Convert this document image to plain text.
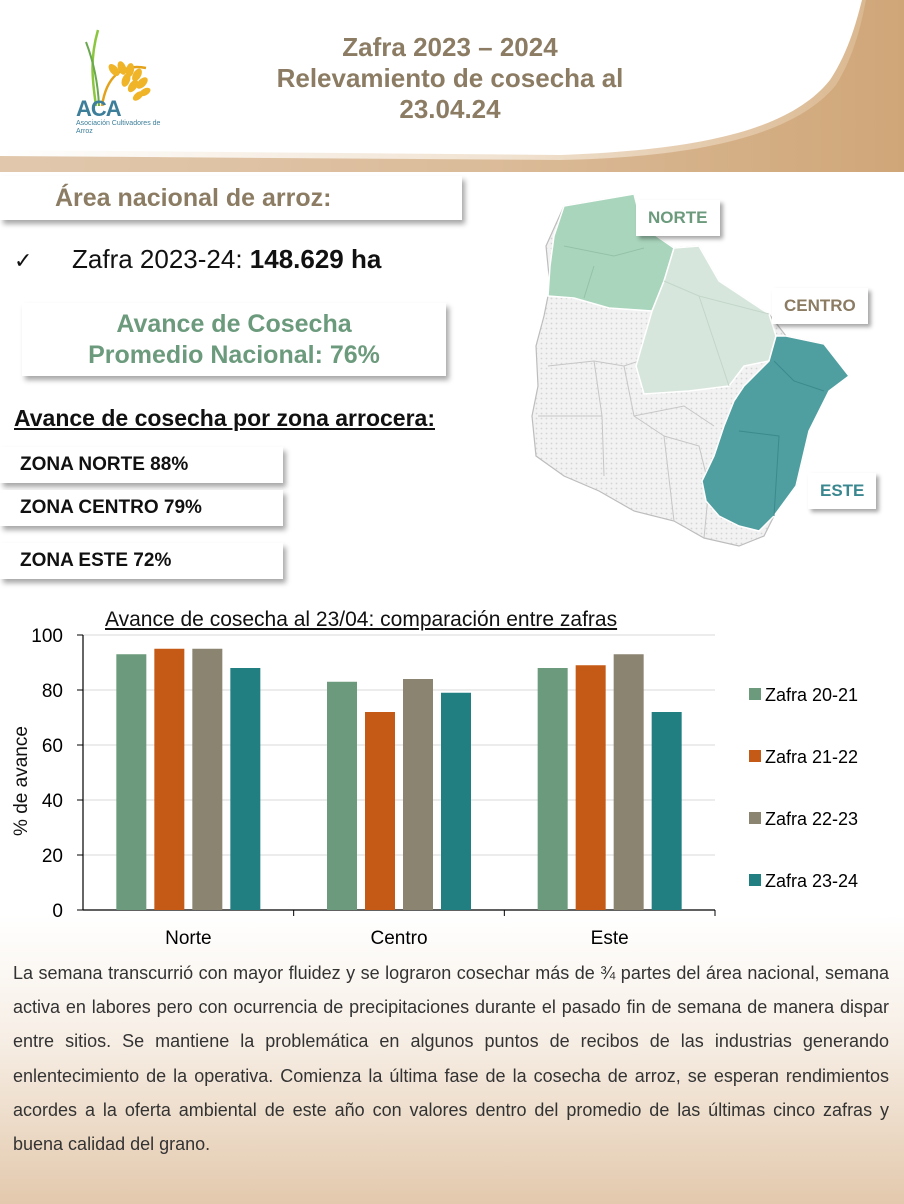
ACA
Asociación Cultivadores de Arroz
Zafra 2023 – 2024
Relevamiento de cosecha al
23.04.24
Área nacional de arroz:
✓ Zafra 2023-24: 148.629 ha
Avance de Cosecha
Promedio Nacional: 76%
Avance de cosecha por zona arrocera:
ZONA NORTE 88%
ZONA CENTRO 79%
ZONA ESTE 72%
NORTE
CENTRO
ESTE
Avance de cosecha al 23/04: comparación entre zafras
% de avance
0
20
40
60
80
100
Norte	Centro	Este
Zafra 20-21
Zafra 21-22
Zafra 22-23
Zafra 23-24
La semana transcurrió con mayor fluidez y se lograron cosechar más de ¾ partes del área nacional, semana activa en labores pero con ocurrencia de precipitaciones durante el pasado fin de semana de manera dispar entre sitios. Se mantiene la problemática en algunos puntos de recibos de las industrias generando enlentecimiento de la operativa. Comienza la última fase de la cosecha de arroz, se esperan rendimientos acordes a la oferta ambiental de este año con valores dentro del promedio de las últimas cinco zafras y buena calidad del grano.
